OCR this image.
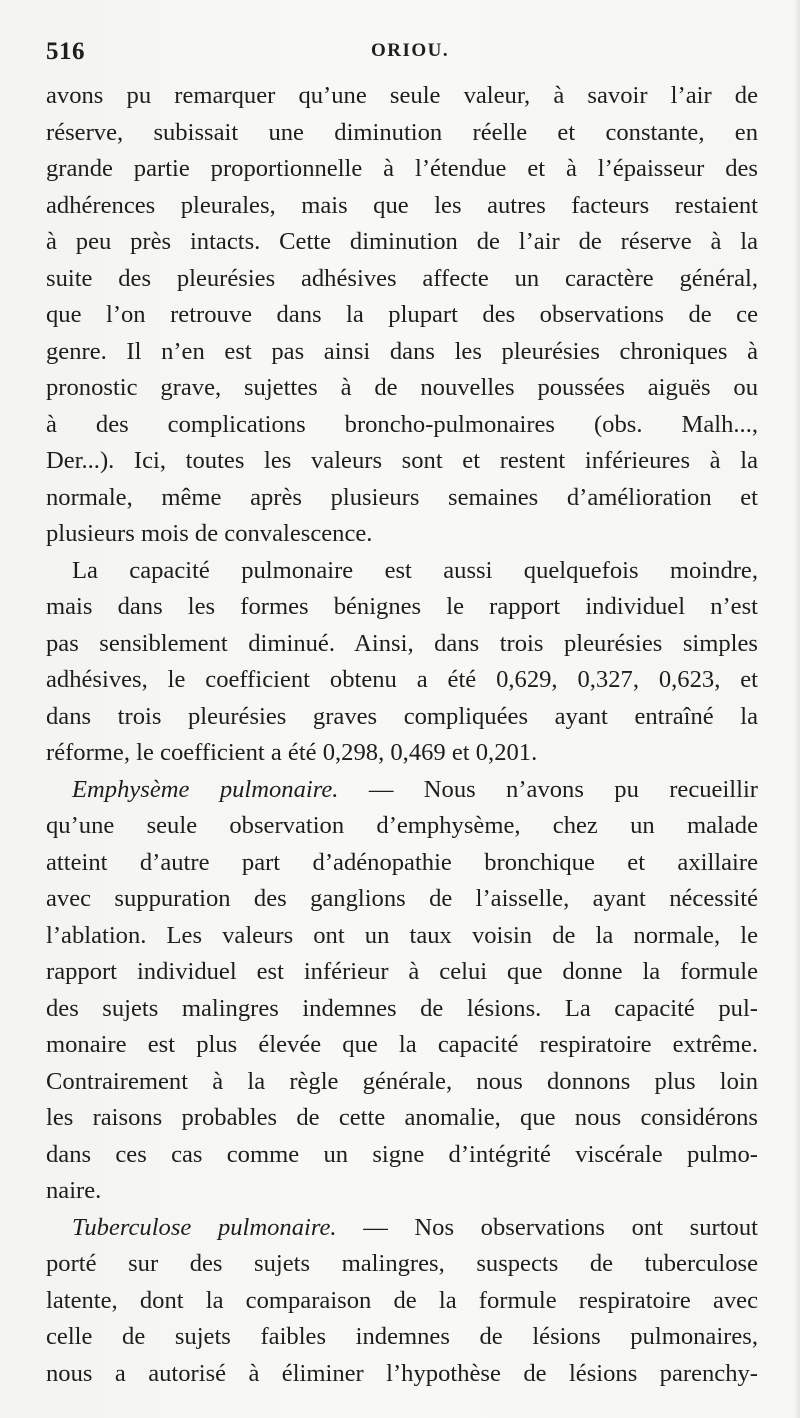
516	ORIOU.
avons pu remarquer qu’une seule valeur, à savoir l’air de
réserve, subissait une diminution réelle et constante, en
grande partie proportionnelle à l’étendue et à l’épaisseur des
adhérences pleurales, mais que les autres facteurs restaient
à peu près intacts. Cette diminution de l’air de réserve à la
suite des pleurésies adhésives affecte un caractère général,
que l’on retrouve dans la plupart des observations de ce
genre. Il n’en est pas ainsi dans les pleurésies chroniques à
pronostic grave, sujettes à de nouvelles poussées aiguës ou
à des complications broncho-pulmonaires (obs. Malh...,
Der...). Ici, toutes les valeurs sont et restent inférieures à la
normale, même après plusieurs semaines d’amélioration et
plusieurs mois de convalescence.
La capacité pulmonaire est aussi quelquefois moindre,
mais dans les formes bénignes le rapport individuel n’est
pas sensiblement diminué. Ainsi, dans trois pleurésies simples
adhésives, le coefficient obtenu a été 0,629, 0,327, 0,623, et
dans trois pleurésies graves compliquées ayant entraîné la
réforme, le coefficient a été 0,298, 0,469 et 0,201.
Emphysème pulmonaire. — Nous n’avons pu recueillir
qu’une seule observation d’emphysème, chez un malade
atteint d’autre part d’adénopathie bronchique et axillaire
avec suppuration des ganglions de l’aisselle, ayant nécessité
l’ablation. Les valeurs ont un taux voisin de la normale, le
rapport individuel est inférieur à celui que donne la formule
des sujets malingres indemnes de lésions. La capacité pul-
monaire est plus élevée que la capacité respiratoire extrême.
Contrairement à la règle générale, nous donnons plus loin
les raisons probables de cette anomalie, que nous considérons
dans ces cas comme un signe d’intégrité viscérale pulmo-
naire.
Tuberculose pulmonaire. — Nos observations ont surtout
porté sur des sujets malingres, suspects de tuberculose
latente, dont la comparaison de la formule respiratoire avec
celle de sujets faibles indemnes de lésions pulmonaires,
nous a autorisé à éliminer l’hypothèse de lésions parenchy-
